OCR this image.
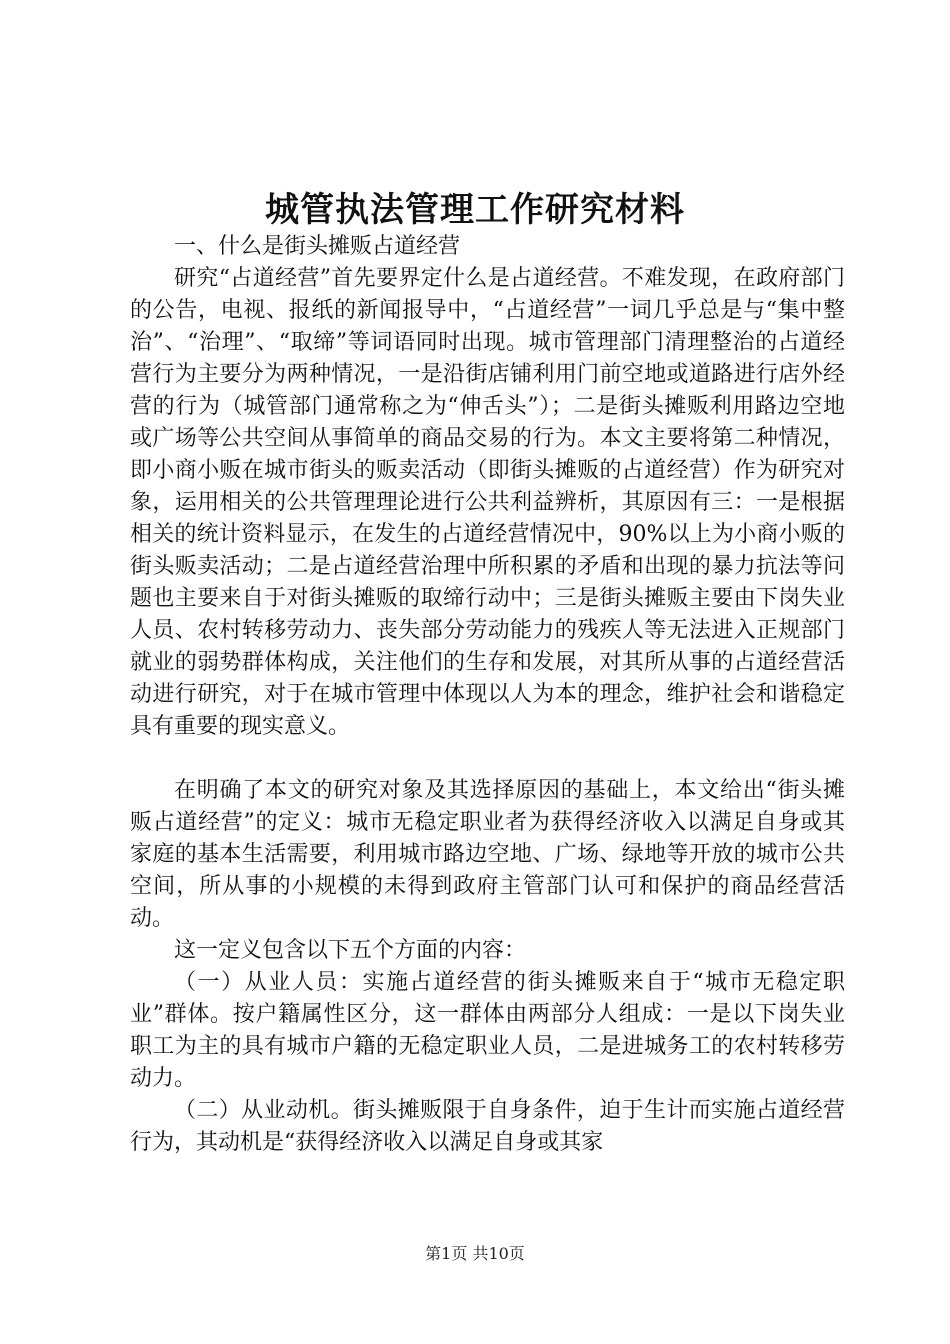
城管执法管理工作研究材料

一、什么是街头摊贩占道经营

研究“占道经营”首先要界定什么是占道经营。不难发现，在政府部门的公告，电视、报纸的新闻报导中，“占道经营”一词几乎总是与“集中整治”、“治理”、“取缔”等词语同时出现。城市管理部门清理整治的占道经营行为主要分为两种情况，一是沿街店铺利用门前空地或道路进行店外经营的行为（城管部门通常称之为“伸舌头”）；二是街头摊贩利用路边空地或广场等公共空间从事简单的商品交易的行为。本文主要将第二种情况，即小商小贩在城市街头的贩卖活动（即街头摊贩的占道经营）作为研究对象，运用相关的公共管理理论进行公共利益辨析，其原因有三：一是根据相关的统计资料显示，在发生的占道经营情况中，90%以上为小商小贩的街头贩卖活动；二是占道经营治理中所积累的矛盾和出现的暴力抗法等问题也主要来自于对街头摊贩的取缔行动中；三是街头摊贩主要由下岗失业人员、农村转移劳动力、丧失部分劳动能力的残疾人等无法进入正规部门就业的弱势群体构成，关注他们的生存和发展，对其所从事的占道经营活动进行研究，对于在城市管理中体现以人为本的理念，维护社会和谐稳定具有重要的现实意义。

在明确了本文的研究对象及其选择原因的基础上，本文给出“街头摊贩占道经营”的定义：城市无稳定职业者为获得经济收入以满足自身或其家庭的基本生活需要，利用城市路边空地、广场、绿地等开放的城市公共空间，所从事的小规模的未得到政府主管部门认可和保护的商品经营活动。

这一定义包含以下五个方面的内容：

（一）从业人员：实施占道经营的街头摊贩来自于“城市无稳定职业”群体。按户籍属性区分，这一群体由两部分人组成：一是以下岗失业职工为主的具有城市户籍的无稳定职业人员，二是进城务工的农村转移劳动力。

（二）从业动机。街头摊贩限于自身条件，迫于生计而实施占道经营行为，其动机是“获得经济收入以满足自身或其家

第1页 共10页
